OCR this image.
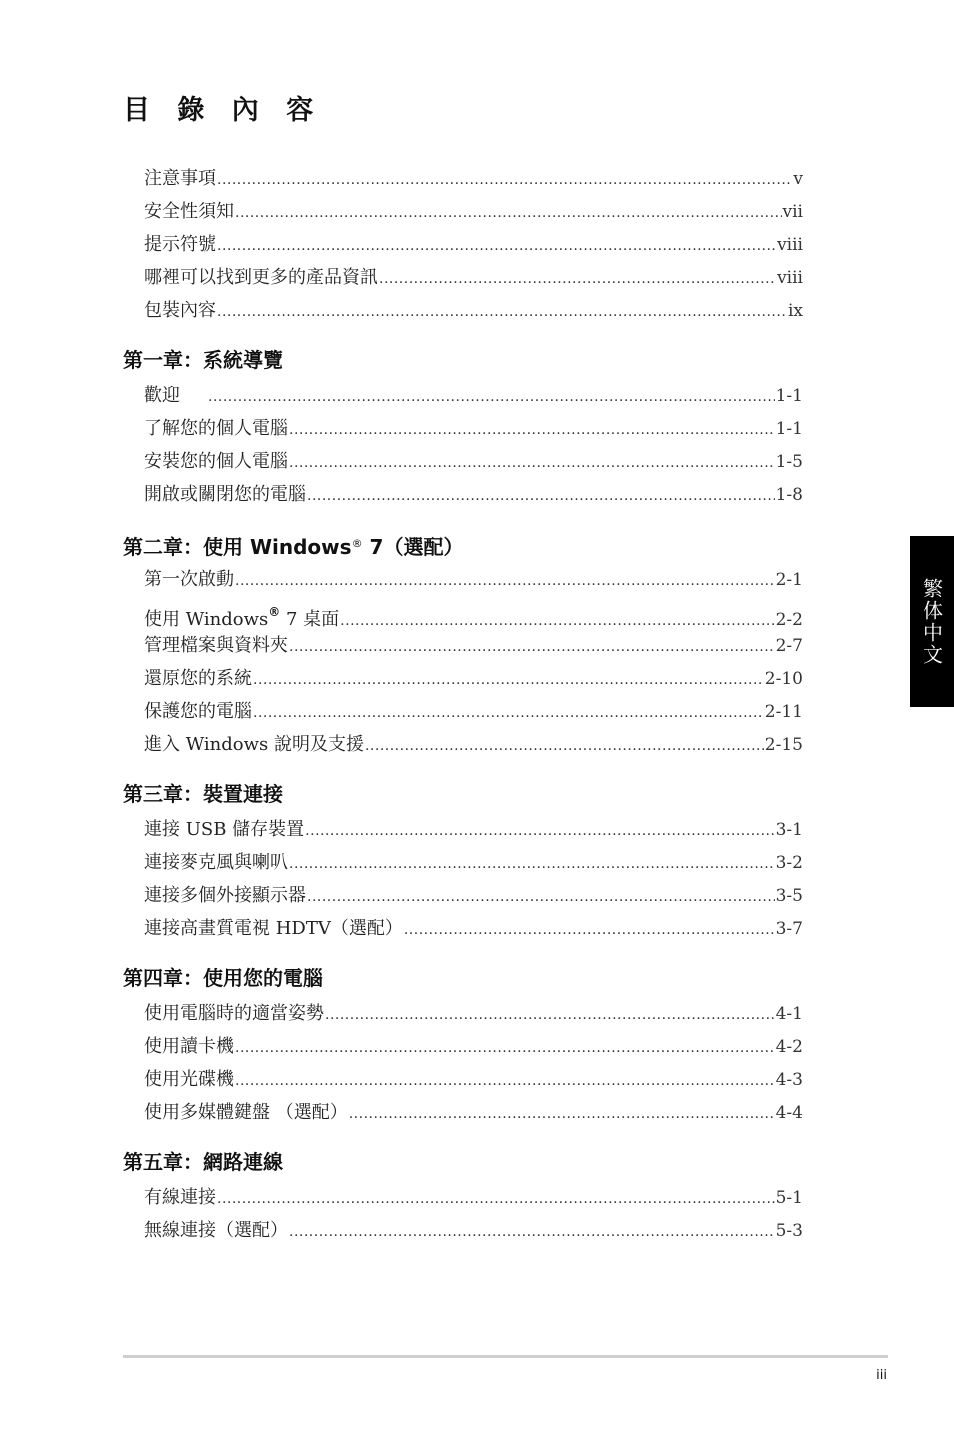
目 錄 內 容
注意事項 .....	v
安全性須知 .....	vii
提示符號 .....	viii
哪裡可以找到更多的產品資訊 .....	viii
包裝內容 .....	ix
第一章：系統導覽
歡迎 .....	1-1
了解您的個人電腦 .....	1-1
安裝您的個人電腦 .....	1-5
開啟或關閉您的電腦 .....	1-8
第二章：使用 Windows® 7（選配）
第一次啟動 .....	2-1
使用 Windows® 7 桌面 .....	2-2
管理檔案與資料夾 .....	2-7
還原您的系統 .....	2-10
保護您的電腦 .....	2-11
進入 Windows 說明及支援 .....	2-15
第三章：裝置連接
連接 USB 儲存裝置 .....	3-1
連接麥克風與喇叭 .....	3-2
連接多個外接顯示器 .....	3-5
連接高畫質電視 HDTV（選配） .....	3-7
第四章：使用您的電腦
使用電腦時的適當姿勢 .....	4-1
使用讀卡機 .....	4-2
使用光碟機 .....	4-3
使用多媒體鍵盤 （選配） .....	4-4
第五章：網路連線
有線連接 .....	5-1
無線連接（選配） .....	5-3
繁体中文
iii
